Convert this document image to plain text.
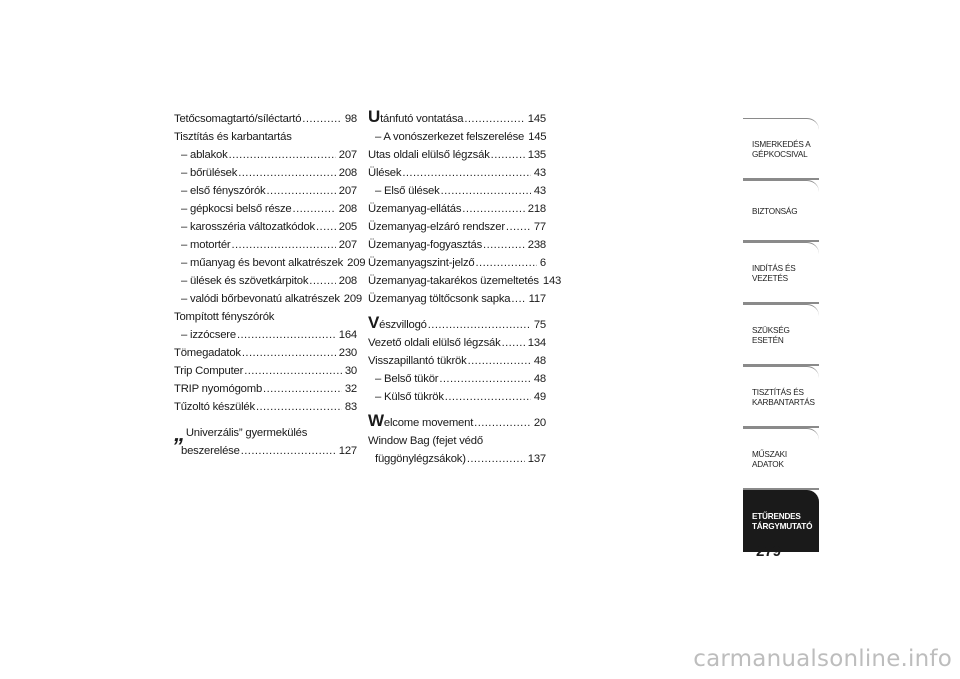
Tetőcsomagtartó/síléctartó .....	98
Tisztítás és karbantartás
– ablakok .....	207
– bőrülések .....	208
– első fényszórók .....	207
– gépkocsi belső része .....	208
– karosszéria változatkódok ..... 205
– motortér .....	207
– műanyag és bevont alkatrészek 209
– ülések és szövetkárpitok .....	208
– valódi bőrbevonatú alkatrészek 209
Tompított fényszórók
– izzócsere .....	164
Tömegadatok .....	230
Trip Computer .....	30
TRIP nyomógomb .....	32
Tűzoltó készülék .....	83
„Univerzális” gyermekülés
beszerelése .....	127
Utánfutó vontatása .....	145
– A vonószerkezet felszerelése 145
Utas oldali elülső légzsák .....	135
Ülések .....	43
– Első ülések .....	43
Üzemanyag-ellátás .....	218
Üzemanyag-elzáró rendszer .....	77
Üzemanyag-fogyasztás .....	238
Üzemanyagszint-jelző .....	6
Üzemanyag-takarékos üzemeltetés 143
Üzemanyag töltőcsonk sapka ..... 117
Vészvillogó .....	75
Vezető oldali elülső légzsák ..... 134
Visszapillantó tükrök .....	48
– Belső tükör .....	48
– Külső tükrök .....	49
Welcome movement .....	20
Window Bag (fejet védő
függönylégzsákok) .....	137
ISMERKEDÉS A
GÉPKOCSIVAL
BIZTONSÁG
INDÍTÁS ÉS VEZETÉS
SZÜKSÉG ESETÉN
TISZTÍTÁS ÉS
KARBANTARTÁS
MŰSZAKI ADATOK
ETŰRENDES
TÁRGYMUTATÓ
279
carmanualsonline.info
